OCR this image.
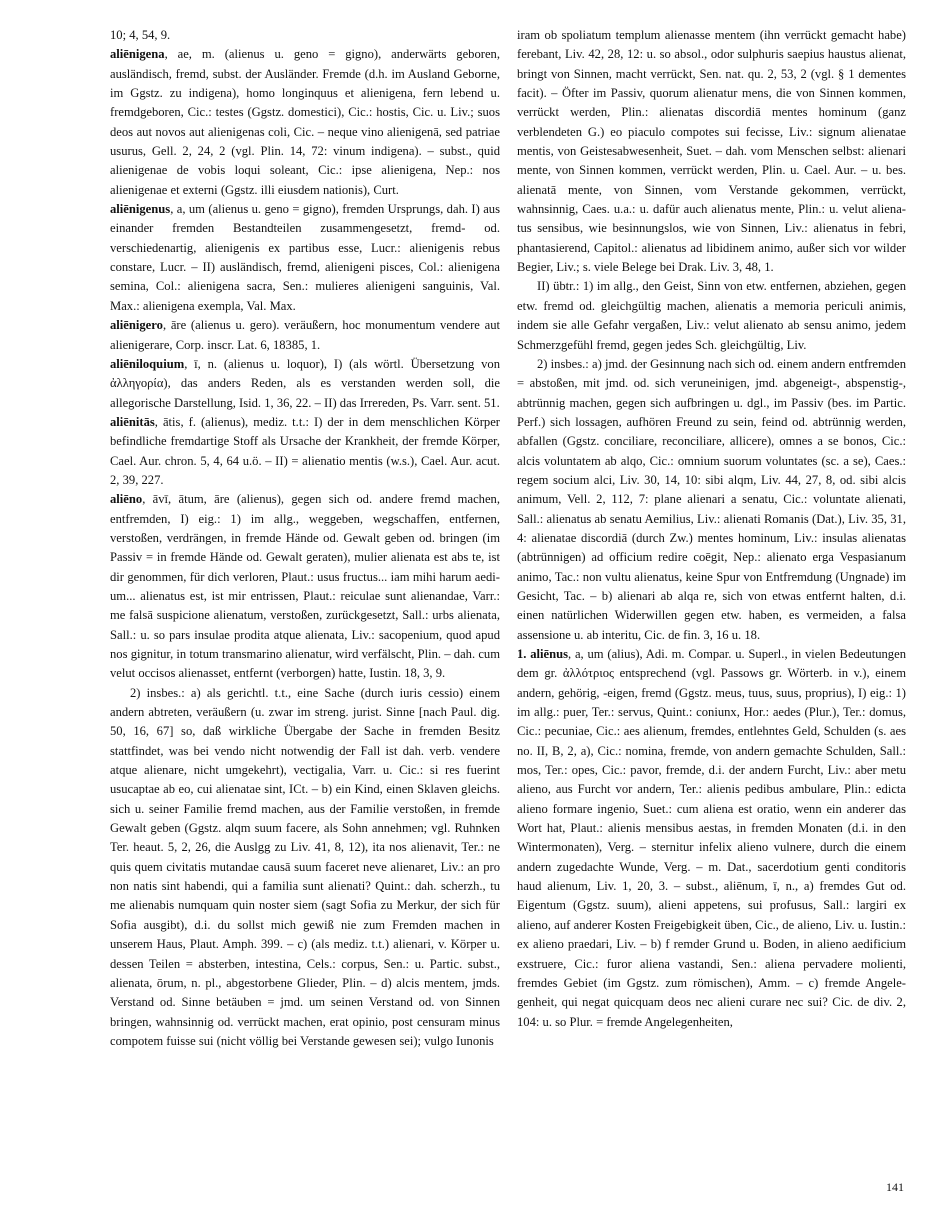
10; 4, 54, 9.

aliēnigena, ae, m. (alienus u. geno = gigno), anderwärts geboren, ausländisch, fremd, subst. der Ausländer. Fremde (d.h. im Ausland Geborne, im Ggstz. zu indigena), homo longinquus et alienigena, fern lebend u. fremdgeboren, Cic.: testes (Ggstz. domestici), Cic.: hostis, Cic. u. Liv.; suos deos aut novos aut alienigenas coli, Cic. – neque vino alienigenā, sed patriae usurus, Gell. 2, 24, 2 (vgl. Plin. 14, 72: vinum indigena). – subst., quid alienigenae de vobis loqui soleant, Cic.: ipse alienigena, Nep.: nos alienigenae et externi (Ggstz. illi eiusdem nationis), Curt.

aliēnigenus, a, um (alienus u. geno = gigno), fremden Ursprungs, dah. I) aus einander fremden Bestandteilen zusammengesetzt, fremd- od. verschiedenartig, alienigenis ex partibus esse, Lucr.: alienigenis rebus constare, Lucr. – II) ausländisch, fremd, alienigeni pisces, Col.: alienigena semina, Col.: alienigena sacra, Sen.: mulieres alienigeni sanguinis, Val. Max.: alienigena exempla, Val. Max.

aliēnigero, āre (alienus u. gero). veräußern, hoc monumentum vendere aut alienigerare, Corp. inscr. Lat. 6, 18385, 1.

aliēniloquium, ī, n. (alienus u. loquor), I) (als wörtl. Übersetzung von ἀλληγορία), das anders Reden, als es verstanden werden soll, die allegorische Darstellung, Isid. 1, 36, 22. – II) das Irrereden, Ps. Varr. sent. 51.

aliēnitās, ātis, f. (alienus), mediz. t.t.: I) der in dem menschlichen Körper befindliche fremdartige Stoff als Ursache der Krankheit, der fremde Körper, Cael. Aur. chron. 5, 4, 64 u.ö. – II) = alienatio mentis (w.s.), Cael. Aur. acut. 2, 39, 227.

aliēno, āvī, ātum, āre (alienus), gegen sich od. andere fremd machen, entfremden, I) eig.: 1) im allg., weggeben, wegschaffen, entfernen, verstoßen, verdrängen, in fremde Hände od. Gewalt geben od. bringen (im Passiv = in fremde Hände od. Gewalt geraten), mulier alienata est abs te, ist dir genommen, für dich verloren, Plaut.: usus fructus... iam mihi harum aedium... alienatus est, ist mir entrissen, Plaut.: reiculae sunt alienandae, Varr.: me falsā suspicione alienatum, verstoßen, zurückgesetzt, Sall.: urbs alienata, Sall.: u. so pars insulae prodita atque alienata, Liv.: sacopenium, quod apud nos gignitur, in totum transmarino alienatur, wird verfälscht, Plin. – dah. cum velut occisos alienasset, entfernt (verborgen) hatte, Iustin. 18, 3, 9.

2) insbes.: a) als gerichtl. t.t., eine Sache (durch iuris cessio) einem andern abtreten, veräußern (u. zwar im streng. jurist. Sinne [nach Paul. dig. 50, 16, 67] so, daß wirkliche Übergabe der Sache in fremden Besitz stattfindet, was bei vendo nicht notwendig der Fall ist dah. verb. vendere atque alienare, nicht umgekehrt), vectigalia, Varr. u. Cic.: si res fuerint usucaptae ab eo, cui alienatae sint, ICt. – b) ein Kind, einen Sklaven gleichs. sich u. seiner Familie fremd machen, aus der Familie verstoßen, in fremde Gewalt geben (Ggstz. alqm suum facere, als Sohn annehmen; vgl. Ruhnken Ter. heaut. 5, 2, 26, die Auslgg zu Liv. 41, 8, 12), ita nos alienavit, Ter.: ne quis quem civitatis mutandae causā suum faceret neve alienaret, Liv.: an pro non natis sint habendi, qui a familia sunt alienati? Quint.: dah. scherzh., tu me alienabis numquam quin noster siem (sagt Sofia zu Merkur, der sich für Sofia ausgibt), d.i. du sollst mich gewiß nie zum Fremden machen in unserem Haus, Plaut. Amph. 399. – c) (als mediz. t.t.) alienari, v. Körper u. dessen Teilen = absterben, intestina, Cels.: corpus, Sen.: u. Partic. subst., alienata, ōrum, n. pl., abgestorbene Glieder, Plin. – d) alcis mentem, jmds. Verstand od. Sinne betäuben = jmd. um seinen Verstand od. von Sinnen bringen, wahnsinnig od. verrückt machen, erat opinio, post censuram minus compotem fuisse sui (nicht völlig bei Verstande gewesen sei); vulgo Iunonis

iram ob spoliatum templum alienasse mentem (ihn verrückt gemacht habe) ferebant, Liv. 42, 28, 12: u. so absol., odor sulphuris saepius haustus alienat, bringt von Sinnen, macht verrückt, Sen. nat. qu. 2, 53, 2 (vgl. § 1 dementes facit). – Öfter im Passiv, quorum alienatur mens, die von Sinnen kommen, verrückt werden, Plin.: alienatas discordiā mentes hominum (ganz verblendeten G.) eo piaculo compotes sui fecisse, Liv.: signum alienatae mentis, von Geistesabwesenheit, Suet. – dah. vom Menschen selbst: alienari mente, von Sinnen kommen, verrückt werden, Plin. u. Cael. Aur. – u. bes. alienatā mente, von Sinnen, vom Verstande gekommen, verrückt, wahnsinnig, Caes. u.a.: u. dafür auch alienatus mente, Plin.: u. velut alienatus sensibus, wie besinnungslos, wie von Sinnen, Liv.: alienatus in febri, phantasierend, Capitol.: alienatus ad libidinem animo, außer sich vor wilder Begier, Liv.; s. viele Belege bei Drak. Liv. 3, 48, 1.

II) übtr.: 1) im allg., den Geist, Sinn von etw. entfernen, abziehen, gegen etw. fremd od. gleichgültig machen, alienatis a memoria periculi animis, indem sie alle Gefahr vergaßen, Liv.: velut alienato ab sensu animo, jedem Schmerzgefühl fremd, gegen jedes Sch. gleichgültig, Liv.

2) insbes.: a) jmd. der Gesinnung nach sich od. einem andern entfremden = abstoßen, mit jmd. od. sich veruneinigen, jmd. abgeneigt-, abspenstig-, abtrünnig machen, gegen sich aufbringen u. dgl., im Passiv (bes. im Partic. Perf.) sich lossagen, aufhören Freund zu sein, feind od. abtrünnig werden, abfallen (Ggstz. conciliare, reconciliare, allicere), omnes a se bonos, Cic.: alcis voluntatem ab alqo, Cic.: omnium suorum voluntates (sc. a se), Caes.: regem socium alci, Liv. 30, 14, 10: sibi alqm, Liv. 44, 27, 8, od. sibi alcis animum, Vell. 2, 112, 7: plane alienari a senatu, Cic.: voluntate alienati, Sall.: alienatus ab senatu Aemilius, Liv.: alienati Romanis (Dat.), Liv. 35, 31, 4: alienatae discordiā (durch Zw.) mentes hominum, Liv.: insulas alienatas (abtrünnigen) ad officium redire coēgit, Nep.: alienato erga Vespasianum animo, Tac.: non vultu alienatus, keine Spur von Entfremdung (Ungnade) im Gesicht, Tac. – b) alienari ab alqa re, sich von etwas entfernt halten, d.i. einen natürlichen Widerwillen gegen etw. haben, es vermeiden, a falsa assensione u. ab interitu, Cic. de fin. 3, 16 u. 18.

1. aliēnus, a, um (alius), Adi. m. Compar. u. Superl., in vielen Bedeutungen dem gr. ἀλλότριος entsprechend (vgl. Passows gr. Wörterb. in v.), einem andern, gehörig, -eigen, fremd (Ggstz. meus, tuus, suus, proprius), I) eig.: 1) im allg.: puer, Ter.: servus, Quint.: coniunx, Hor.: aedes (Plur.), Ter.: domus, Cic.: pecuniae, Cic.: aes alienum, fremdes, entlehntes Geld, Schulden (s. aes no. II, B, 2, a), Cic.: nomina, fremde, von andern gemachte Schulden, Sall.: mos, Ter.: opes, Cic.: pavor, fremde, d.i. der andern Furcht, Liv.: aber metu alieno, aus Furcht vor andern, Ter.: alienis pedibus ambulare, Plin.: edicta alieno formare ingenio, Suet.: cum aliena est oratio, wenn ein anderer das Wort hat, Plaut.: alienis mensibus aestas, in fremden Monaten (d.i. in den Wintermonaten), Verg. – sternitur infelix alieno vulnere, durch die einem andern zugedachte Wunde, Verg. – m. Dat., sacerdotium genti conditoris haud alienum, Liv. 1, 20, 3. – subst., aliēnum, ī, n., a) fremdes Gut od. Eigentum (Ggstz. suum), alieni appetens, sui profusus, Sall.: largiri ex alieno, auf anderer Kosten Freigebigkeit üben, Cic., de alieno, Liv. u. Iustin.: ex alieno praedari, Liv. – b) f remder Grund u. Boden, in alieno aedificium exstruere, Cic.: furor aliena vastandi, Sen.: aliena pervadere molienti, fremdes Gebiet (im Ggstz. zum römischen), Amm. – c) fremde Angelegenheit, qui negat quicquam deos nec alieni curare nec sui? Cic. de div. 2, 104: u. so Plur. = fremde Angelegenheiten,

141
